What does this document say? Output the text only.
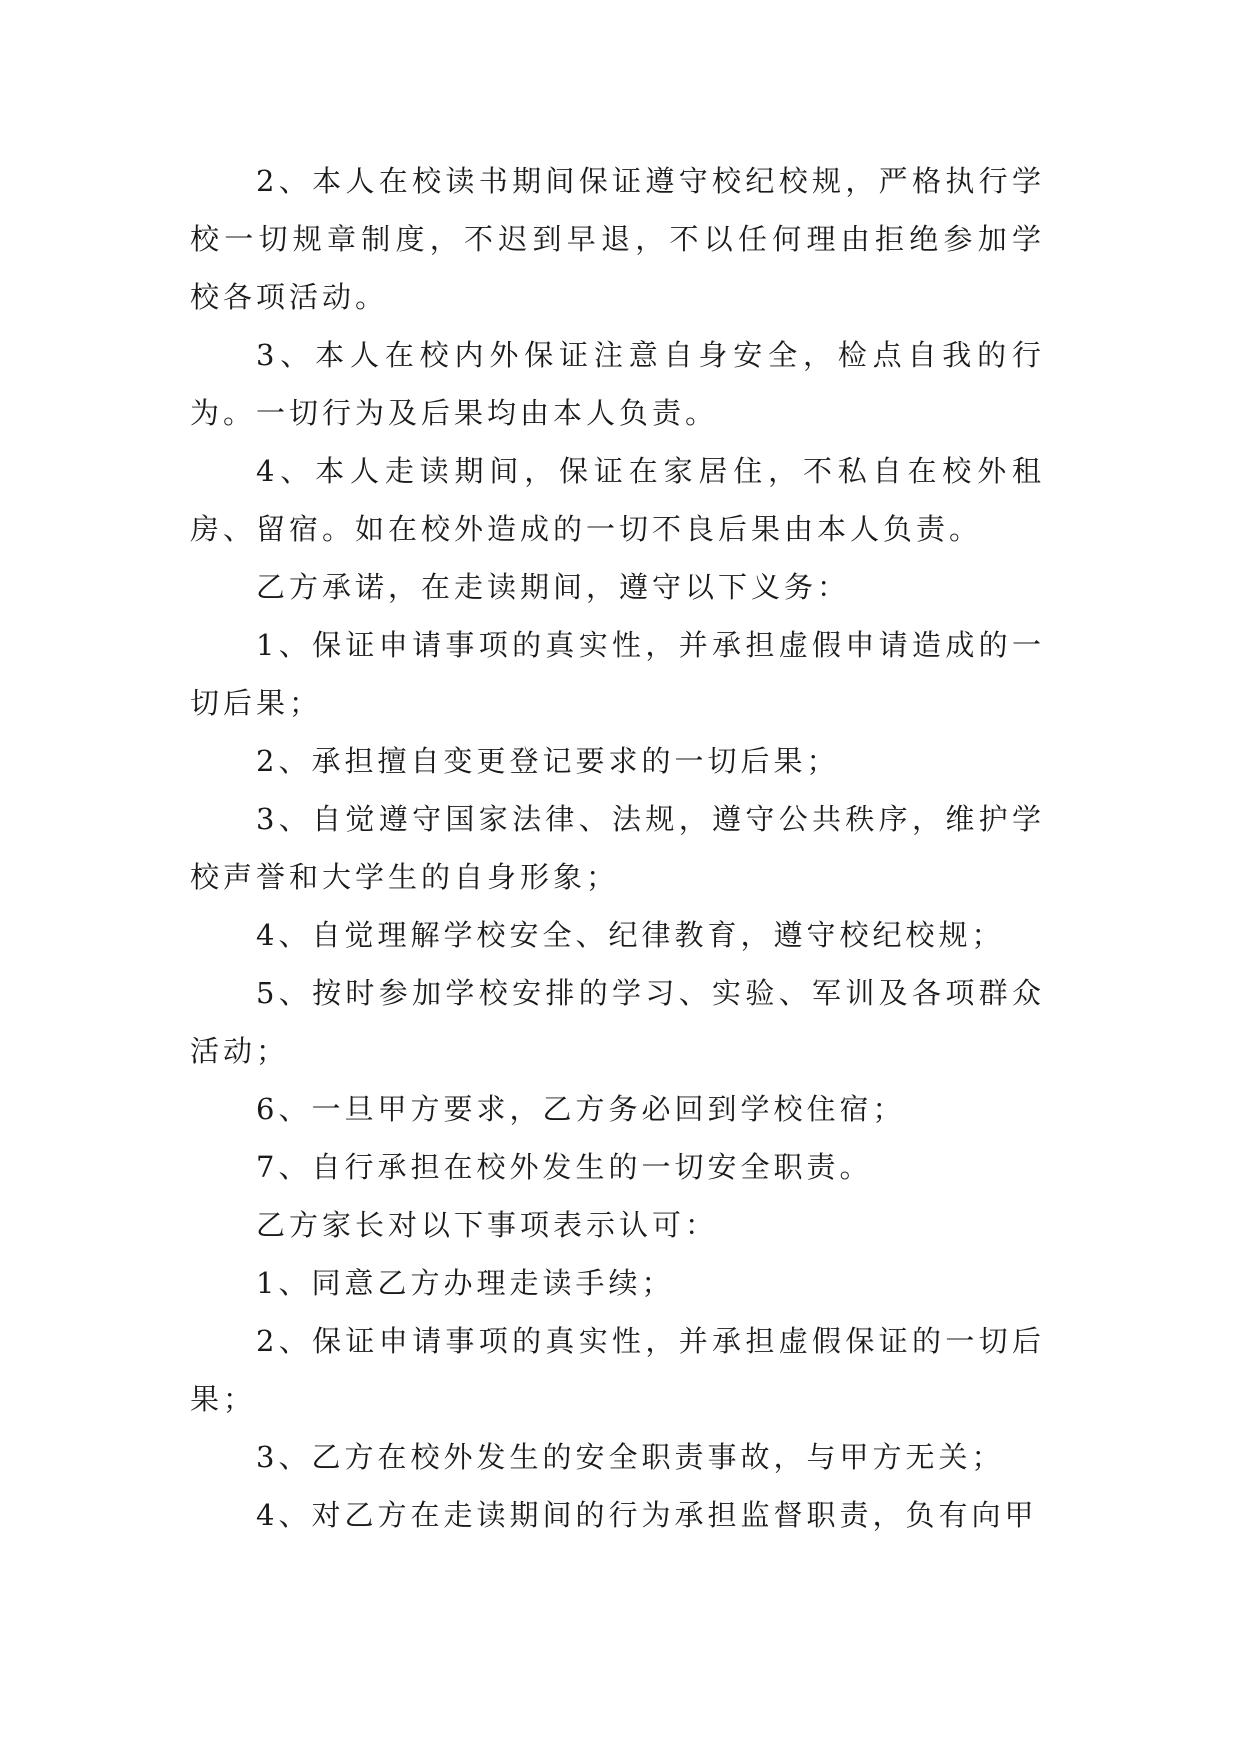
2、本人在校读书期间保证遵守校纪校规，严格执行学校一切规章制度，不迟到早退，不以任何理由拒绝参加学校各项活动。

3、本人在校内外保证注意自身安全，检点自我的行为。一切行为及后果均由本人负责。

4、本人走读期间，保证在家居住，不私自在校外租房、留宿。如在校外造成的一切不良后果由本人负责。

乙方承诺，在走读期间，遵守以下义务：

1、保证申请事项的真实性，并承担虚假申请造成的一切后果；

2、承担擅自变更登记要求的一切后果；

3、自觉遵守国家法律、法规，遵守公共秩序，维护学校声誉和大学生的自身形象；

4、自觉理解学校安全、纪律教育，遵守校纪校规；

5、按时参加学校安排的学习、实验、军训及各项群众活动；

6、一旦甲方要求，乙方务必回到学校住宿；

7、自行承担在校外发生的一切安全职责。

乙方家长对以下事项表示认可：

1、同意乙方办理走读手续；

2、保证申请事项的真实性，并承担虚假保证的一切后果；

3、乙方在校外发生的安全职责事故，与甲方无关；

4、对乙方在走读期间的行为承担监督职责，负有向甲
